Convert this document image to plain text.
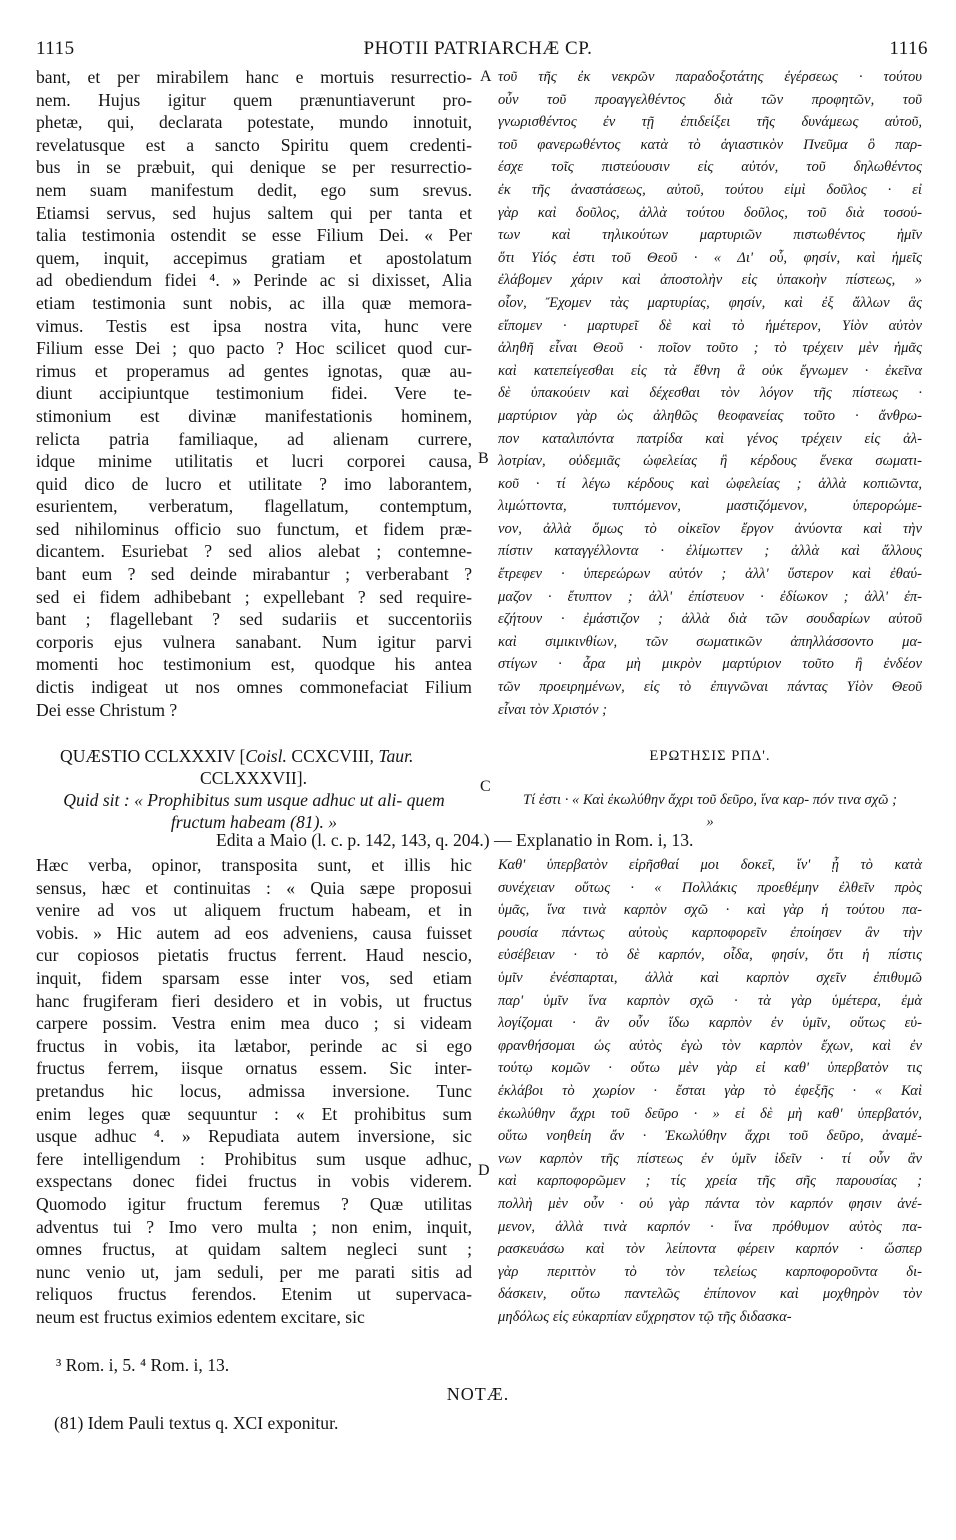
1115	PHOTII PATRIARCHÆ CP.	1116
bant, et per mirabilem hanc e mortuis resurrectio-
nem. Hujus igitur quem prænuntiaverunt pro-
phetæ, qui, declarata potestate, mundo innotuit,
revelatusque est a sancto Spiritu quem credenti-
bus in se præbuit, qui denique se per resurrectio-
nem suam manifestum dedit, ego sum srevus.
Etiamsi servus, sed hujus saltem qui per tanta et
talia testimonia ostendit se esse Filium Dei. « Per
quem, inquit, accepimus gratiam et apostolatum
ad obediendum fidei ⁴. » Perinde ac si dixisset, Alia
etiam testimonia sunt nobis, ac illa quæ memora-
vimus. Testis est ipsa nostra vita, hunc vere
Filium esse Dei ; quo pacto ? Hoc scilicet quod cur-
rimus et properamus ad gentes ignotas, quæ au-
diunt accipiuntque testimonium fidei. Vere te-
stimonium est divinæ manifestationis hominem,
relicta patria familiaque, ad alienam currere,
idque minime utilitatis et lucri corporei causa,
quid dico de lucro et utilitate ? imo laborantem,
esurientem, verberatum, flagellatum, contemptum,
sed nihilominus officio suo functum, et fidem præ-
dicantem. Esuriebat ? sed alios alebat ; contemne-
bant eum ? sed deinde mirabantur ; verberabant ?
sed ei fidem adhibebant ; expellebant ? sed require-
bant ; flagellebant ? sed sudariis et succentoriis
corporis ejus vulnera sanabant. Num igitur parvi
momenti hoc testimonium est, quodque his antea
dictis indigeat ut nos omnes commonefaciat Filium
Dei esse Christum ?
τοῦ τῆς ἐκ νεκρῶν παραδοξοτάτης ἐγέρσεως · τούτου
οὖν τοῦ προαγγελθέντος διὰ τῶν προφητῶν, τοῦ
γνωρισθέντος ἐν τῇ ἐπιδείξει τῆς δυνάμεως αὐτοῦ,
τοῦ φανερωθέντος κατὰ τὸ ἁγιαστικὸν Πνεῦμα ὃ παρ-
έσχε τοῖς πιστεύουσιν εἰς αὐτόν, τοῦ δηλωθέντος
ἐκ τῆς ἀναστάσεως, αὐτοῦ, τούτου εἰμὶ δοῦλος · εἰ
γὰρ καὶ δοῦλος, ἀλλὰ τούτου δοῦλος, τοῦ διὰ τοσού-
των καὶ τηλικούτων μαρτυριῶν πιστωθέντος ἡμῖν
ὅτι Υἱός ἐστι τοῦ Θεοῦ · « Δι' οὗ, φησίν, καὶ ἡμεῖς
ἐλάβομεν χάριν καὶ ἀποστολὴν εἰς ὑπακοὴν πίστεως, »
οἷον, Ἔχομεν τὰς μαρτυρίας, φησίν, καὶ ἐξ ἄλλων ἃς
εἴπομεν · μαρτυρεῖ δὲ καὶ τὸ ἡμέτερον, Υἱὸν αὐτὸν
ἀληθῆ εἶναι Θεοῦ · ποῖον τοῦτο ; τὸ τρέχειν μὲν ἡμᾶς
καὶ κατεπείγεσθαι εἰς τὰ ἔθνη ἃ οὐκ ἔγνωμεν · ἐκεῖνα
δὲ ὑπακούειν καὶ δέχεσθαι τὸν λόγον τῆς πίστεως ·
μαρτύριον γὰρ ὡς ἀληθῶς θεοφανείας τοῦτο · ἄνθρω-
πον καταλιπόντα πατρίδα καὶ γένος τρέχειν εἰς ἀλ-
λοτρίαν, οὐδεμιᾶς ὠφελείας ἢ κέρδους ἕνεκα σωματι-
κοῦ · τί λέγω κέρδους καὶ ὠφελείας ; ἀλλὰ κοπιῶντα,
λιμώττοντα, τυπτόμενον, μαστιζόμενον, ὑπερορώμε-
νον, ἀλλὰ ὅμως τὸ οἰκεῖον ἔργον ἀνύοντα καὶ τὴν
πίστιν καταγγέλλοντα · ἐλίμωττεν ; ἀλλὰ καὶ ἄλλους
ἔτρεφεν · ὑπερεώρων αὐτόν ; ἀλλ' ὕστερον καὶ ἐθαύ-
μαζον · ἔτυπτον ; ἀλλ' ἐπίστευον · ἐδίωκον ; ἀλλ' ἐπ-
εζήτουν · ἐμάστιζον ; ἀλλὰ διὰ τῶν σουδαρίων αὐτοῦ
καὶ σιμικινθίων, τῶν σωματικῶν ἀπηλλάσσοντο μα-
στίγων · ἆρα μὴ μικρὸν μαρτύριον τοῦτο ἢ ἐνδέον
τῶν προειρημένων, εἰς τὸ ἐπιγνῶναι πάντας Υἱὸν Θεοῦ
εἶναι τὸν Χριστόν ;
A
B
C
D
QUÆSTIO CCLXXXIV [Coisl. CCXCVIII, Taur.
CCLXXXVII].
Quid sit : « Prophibitus sum usque adhuc ut ali- quem fructum habeam (81). »
ΕΡΩΤΗΣΙΣ ΡΠΔ'.
Τί ἐστι · « Καὶ ἐκωλύθην ἄχρι τοῦ δεῦρο, ἵνα καρ- πόν τινα σχῶ ; »
Edita a Maio (l. c. p. 142, 143, q. 204.) — Explanatio in Rom. i, 13.
Hæc verba, opinor, transposita sunt, et illis hic
sensus, hæc et continuitas : « Quia sæpe proposui
venire ad vos ut aliquem fructum habeam, et in
vobis. » Hic autem ad eos adveniens, causa fuisset
cur copiosos pietatis fructus ferrent. Haud nescio,
inquit, fidem sparsam esse inter vos, sed etiam
hanc frugiferam fieri desidero et in vobis, ut fructus
carpere possim. Vestra enim mea duco ; si videam
fructus in vobis, ita lætabor, perinde ac si ego
fructus ferrem, iisque ornatus essem. Sic inter-
pretandus hic locus, admissa inversione. Tunc
enim leges quæ sequuntur : « Et prohibitus sum
usque adhuc ⁴. » Repudiata autem inversione, sic
fere intelligendum : Prohibitus sum usque adhuc,
exspectans donec fidei fructus in vobis viderem.
Quomodo igitur fructum feremus ? Quæ utilitas
adventus tui ? Imo vero multa ; non enim, inquit,
omnes fructus, at quidam saltem negleci sunt ;
nunc venio ut, jam seduli, per me parati sitis ad
reliquos fructus ferendos. Etenim ut supervaca-
neum est fructus eximios edentem excitare, sic
Καθ' ὑπερβατὸν εἰρῆσθαί μοι δοκεῖ, ἵν' ᾖ τὸ κατὰ
συνέχειαν οὕτως · « Πολλάκις προεθέμην ἐλθεῖν πρὸς
ὑμᾶς, ἵνα τινὰ καρπὸν σχῶ · καὶ γὰρ ἡ τούτου πα-
ρουσία πάντως αὐτοὺς καρποφορεῖν ἐποίησεν ἂν τὴν
εὐσέβειαν · τὸ δὲ καρπόν, οἶδα, φησίν, ὅτι ἡ πίστις
ὑμῖν ἐνέσπαρται, ἀλλὰ καὶ καρπὸν σχεῖν ἐπιθυμῶ
παρ' ὑμῖν ἵνα καρπὸν σχῶ · τὰ γὰρ ὑμέτερα, ἐμὰ
λογίζομαι · ἂν οὖν ἴδω καρπὸν ἐν ὑμῖν, οὕτως εὐ-
φρανθήσομαι ὡς αὐτὸς ἐγὼ τὸν καρπὸν ἔχων, καὶ ἐν
τούτῳ κομῶν · οὕτω μὲν γὰρ εἰ καθ' ὑπερβατὸν τις
ἐκλάβοι τὸ χωρίον · ἔσται γὰρ τὸ ἐφεξῆς · « Καὶ
ἐκωλύθην ἄχρι τοῦ δεῦρο · » εἰ δὲ μὴ καθ' ὑπερβατόν,
οὕτω νοηθείη ἄν · Ἐκωλύθην ἄχρι τοῦ δεῦρο, ἀναμέ-
νων καρπὸν τῆς πίστεως ἐν ὑμῖν ἰδεῖν · τί οὖν ἂν
καὶ καρποφορῶμεν ; τίς χρεία τῆς σῆς παρουσίας ;
πολλὴ μὲν οὖν · οὐ γὰρ πάντα τὸν καρπόν φησιν ἀνέ-
μενον, ἀλλὰ τινὰ καρπόν · ἵνα πρόθυμον αὐτὸς πα-
ρασκευάσω καὶ τὸν λείποντα φέρειν καρπόν · ὥσπερ
γὰρ περιττὸν τὸ τὸν τελείως καρποφοροῦντα δι-
δάσκειν, οὕτω παντελῶς ἐπίπονον καὶ μοχθηρὸν τὸν
μηδόλως εἰς εὐκαρπίαν εὔχρηστον τῷ τῆς διδασκα-
³ Rom. i, 5. ⁴ Rom. i, 13.
NOTÆ.
(81) Idem Pauli textus q. XCI exponitur.
